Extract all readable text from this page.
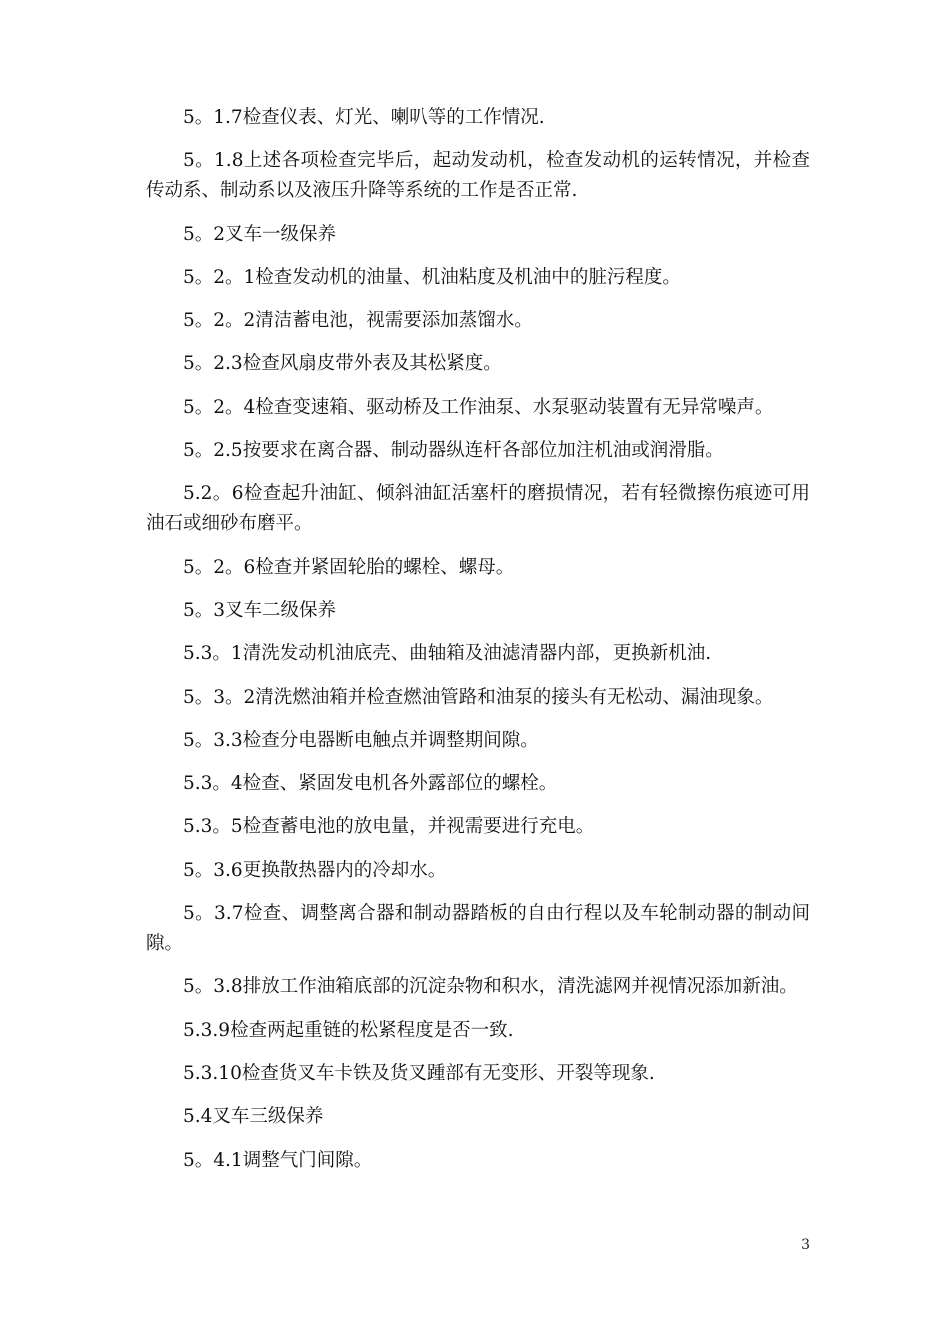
5。1.7检查仪表、灯光、喇叭等的工作情况.

5。1.8上述各项检查完毕后，起动发动机，检查发动机的运转情况，并检查传动系、制动系以及液压升降等系统的工作是否正常.

5。2叉车一级保养

5。2。1检查发动机的油量、机油粘度及机油中的脏污程度。

5。2。2清洁蓄电池，视需要添加蒸馏水。

5。2.3检查风扇皮带外表及其松紧度。

5。2。4检查变速箱、驱动桥及工作油泵、水泵驱动装置有无异常噪声。

5。2.5按要求在离合器、制动器纵连杆各部位加注机油或润滑脂。

5.2。6检查起升油缸、倾斜油缸活塞杆的磨损情况，若有轻微擦伤痕迹可用油石或细砂布磨平。

5。2。6检查并紧固轮胎的螺栓、螺母。

5。3叉车二级保养

5.3。1清洗发动机油底壳、曲轴箱及油滤清器内部，更换新机油.

5。3。2清洗燃油箱并检查燃油管路和油泵的接头有无松动、漏油现象。

5。3.3检查分电器断电触点并调整期间隙。

5.3。4检查、紧固发电机各外露部位的螺栓。

5.3。5检查蓄电池的放电量，并视需要进行充电。

5。3.6更换散热器内的冷却水。

5。3.7检查、调整离合器和制动器踏板的自由行程以及车轮制动器的制动间隙。

5。3.8排放工作油箱底部的沉淀杂物和积水，清洗滤网并视情况添加新油。

5.3.9检查两起重链的松紧程度是否一致.

5.3.10检查货叉车卡铁及货叉踵部有无变形、开裂等现象.

5.4叉车三级保养

5。4.1调整气门间隙。

3
